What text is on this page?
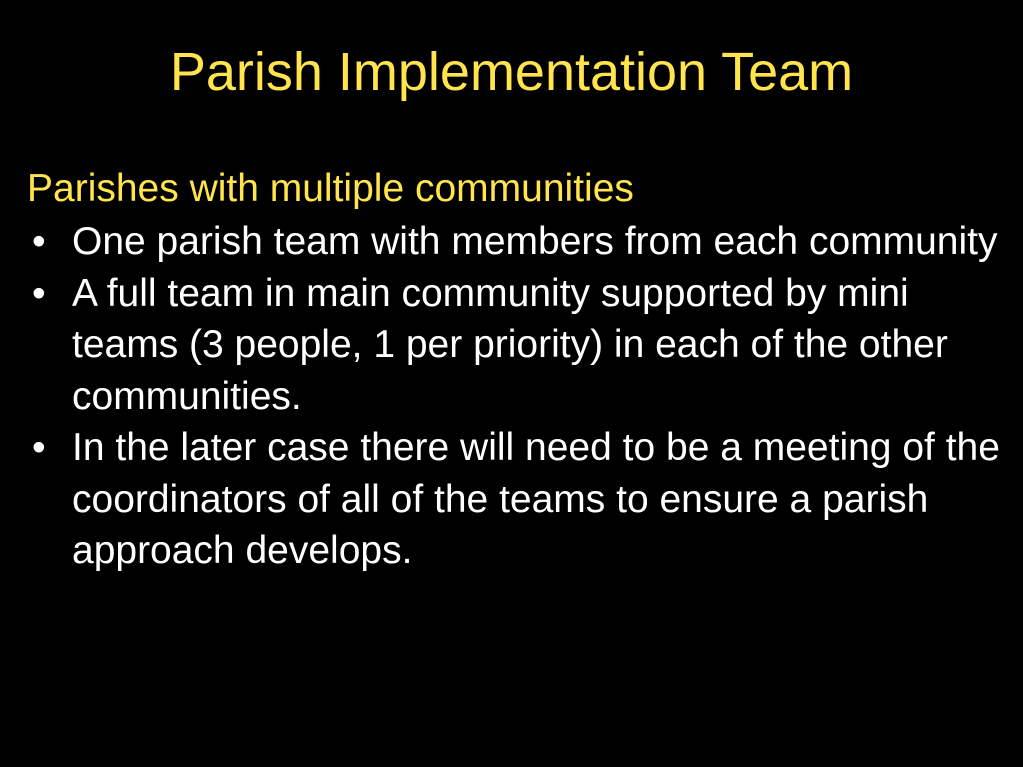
Parish Implementation Team

Parishes with multiple communities

• One parish team with members from each community
• A full team in main community supported by mini teams (3 people, 1 per priority) in each of the other communities.
• In the later case there will need to be a meeting of the coordinators of all of the teams to ensure a parish approach develops.
